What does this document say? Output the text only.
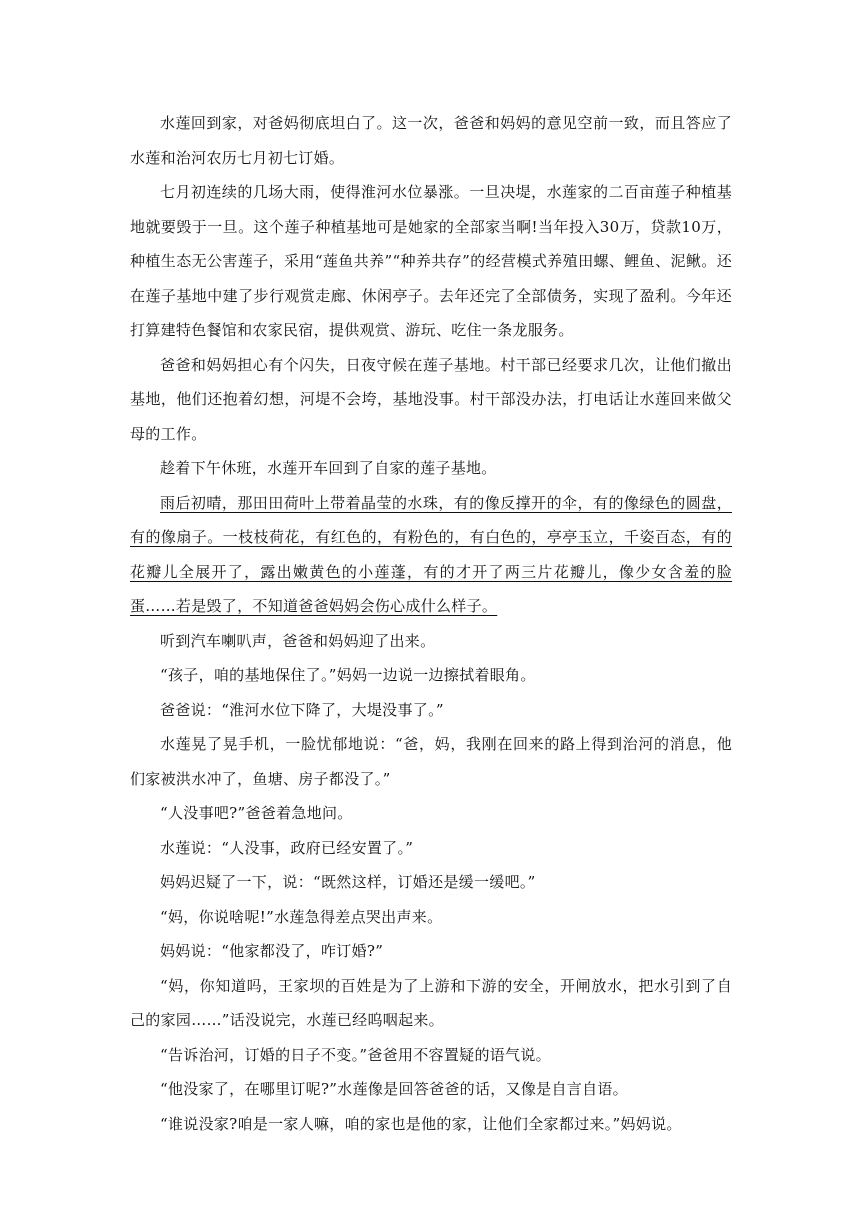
水莲回到家，对爸妈彻底坦白了。这一次，爸爸和妈妈的意见空前一致，而且答应了水莲和治河农历七月初七订婚。

七月初连续的几场大雨，使得淮河水位暴涨。一旦决堤，水莲家的二百亩莲子种植基地就要毁于一旦。这个莲子种植基地可是她家的全部家当啊!当年投入30万，贷款10万，种植生态无公害莲子，采用“莲鱼共养”“种养共存”的经营模式养殖田螺、鲤鱼、泥鳅。还在莲子基地中建了步行观赏走廊、休闲亭子。去年还完了全部债务，实现了盈利。今年还打算建特色餐馆和农家民宿，提供观赏、游玩、吃住一条龙服务。

爸爸和妈妈担心有个闪失，日夜守候在莲子基地。村干部已经要求几次，让他们撤出基地，他们还抱着幻想，河堤不会垮，基地没事。村干部没办法，打电话让水莲回来做父母的工作。

趁着下午休班，水莲开车回到了自家的莲子基地。

雨后初晴，那田田荷叶上带着晶莹的水珠，有的像反撑开的伞，有的像绿色的圆盘，有的像扇子。一枝枝荷花，有红色的，有粉色的，有白色的，亭亭玉立，千姿百态，有的花瓣儿全展开了，露出嫩黄色的小莲蓬，有的才开了两三片花瓣儿，像少女含羞的脸蛋……若是毁了，不知道爸爸妈妈会伤心成什么样子。

听到汽车喇叭声，爸爸和妈妈迎了出来。

“孩子，咱的基地保住了。”妈妈一边说一边擦拭着眼角。

爸爸说：“淮河水位下降了，大堤没事了。”

水莲晃了晃手机，一脸忧郁地说：“爸，妈，我刚在回来的路上得到治河的消息，他们家被洪水冲了，鱼塘、房子都没了。”

“人没事吧?”爸爸着急地问。

水莲说：“人没事，政府已经安置了。”

妈妈迟疑了一下，说：“既然这样，订婚还是缓一缓吧。”

“妈，你说啥呢!”水莲急得差点哭出声来。

妈妈说：“他家都没了，咋订婚?”

“妈，你知道吗，王家坝的百姓是为了上游和下游的安全，开闸放水，把水引到了自己的家园……”话没说完，水莲已经呜咽起来。

“告诉治河，订婚的日子不变。”爸爸用不容置疑的语气说。

“他没家了，在哪里订呢?”水莲像是回答爸爸的话，又像是自言自语。

“谁说没家?咱是一家人嘛，咱的家也是他的家，让他们全家都过来。”妈妈说。
